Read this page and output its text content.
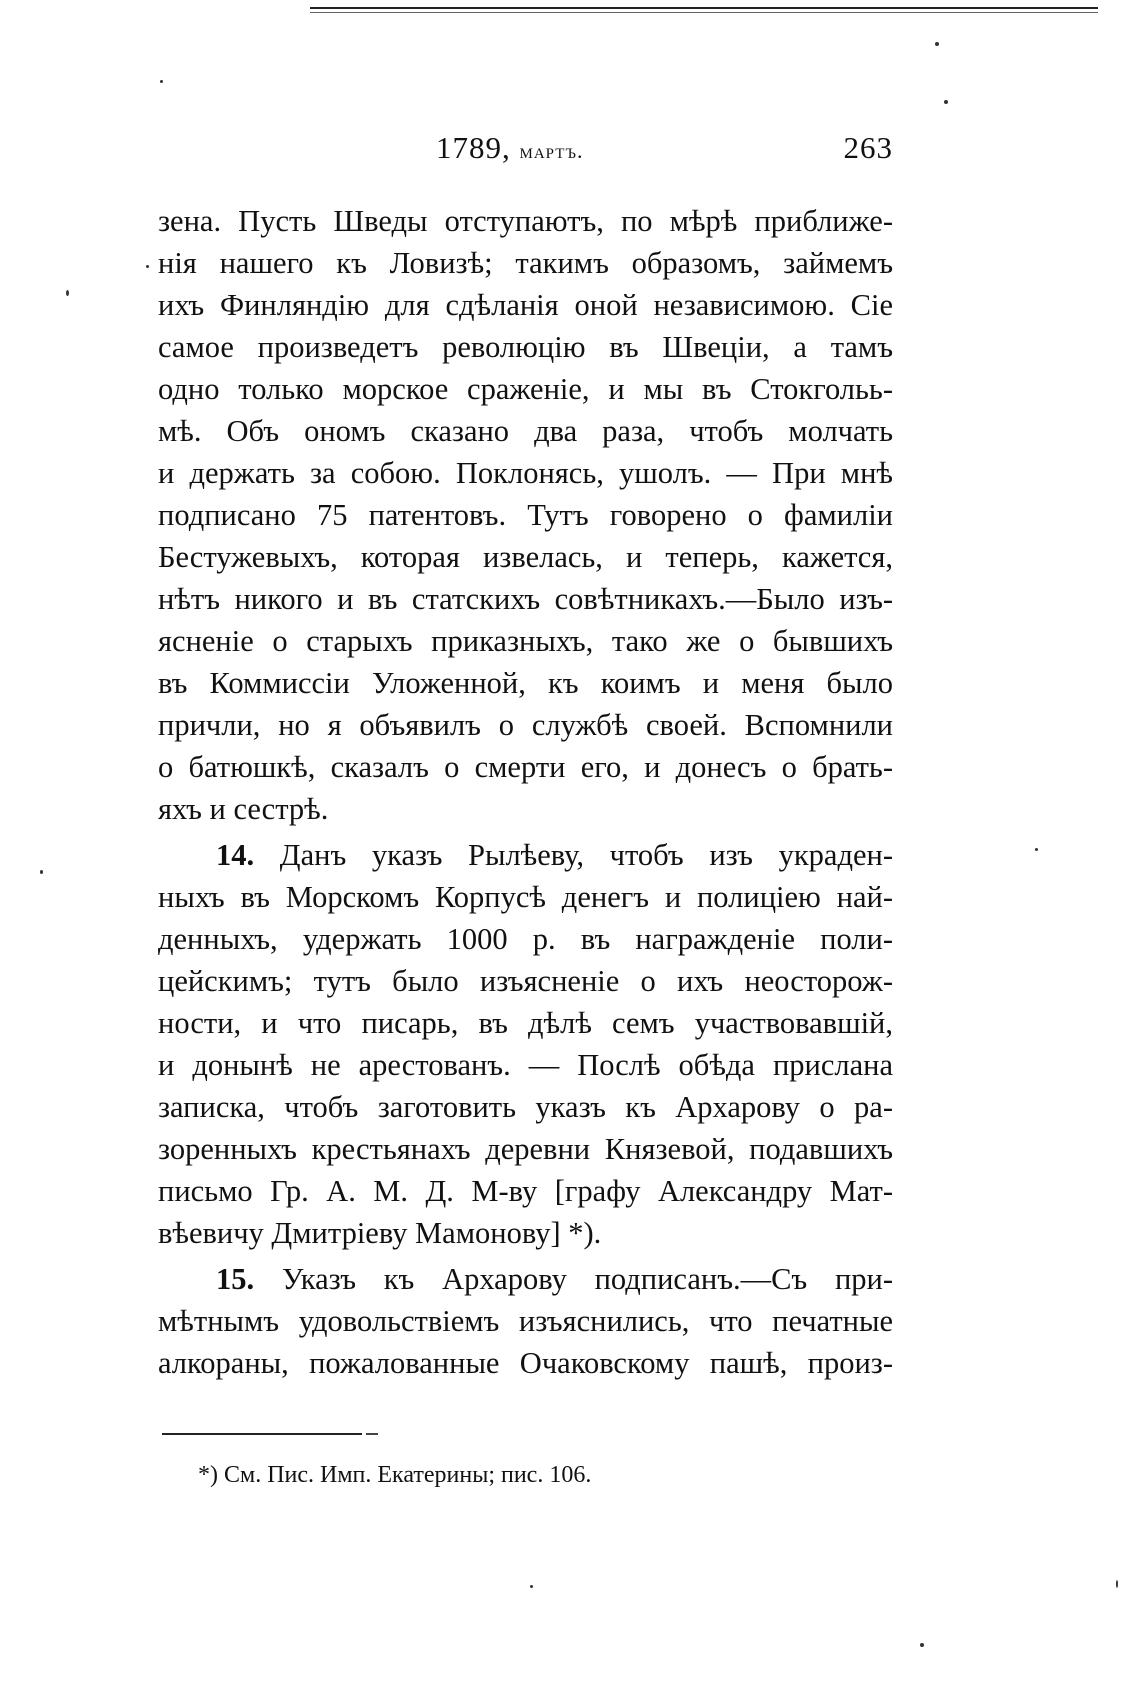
1789, мартъ.	263
зена. Пусть Шведы отступаютъ, по мѣрѣ приближе-
нія нашего къ Ловизѣ; такимъ образомъ, займемъ
ихъ Финляндію для сдѣланія оной независимою. Сіе
самое произведетъ революцію въ Швеціи, а тамъ
одно только морское сраженіе, и мы въ Стокгольь-
мѣ. Объ ономъ сказано два раза, чтобъ молчать
и держать за собою. Поклонясь, ушолъ. — При мнѣ
подписано 75 патентовъ. Тутъ говорено о фамиліи
Бестужевыхъ, которая извелась, и теперь, кажется,
нѣтъ никого и въ статскихъ совѣтникахъ.—Было изъ-
ясненіе о старыхъ приказныхъ, тако же о бывшихъ
въ Коммиссіи Уложенной, къ коимъ и меня было
причли, но я объявилъ о службѣ своей. Вспомнили
о батюшкѣ, сказалъ о смерти его, и донесъ о брать-
яхъ и сестрѣ.
14. Данъ указъ Рылѣеву, чтобъ изъ украден-
ныхъ въ Морскомъ Корпусѣ денегъ и полиціею най-
денныхъ, удержать 1000 р. въ награжденіе поли-
цейскимъ; тутъ было изъясненіе о ихъ неосторож-
ности, и что писарь, въ дѣлѣ семъ участвовавшій,
и донынѣ не арестованъ. — Послѣ обѣда прислана
записка, чтобъ заготовить указъ къ Архарову о ра-
зоренныхъ крестьянахъ деревни Князевой, подавшихъ
письмо Гр. А. М. Д. М-ву [графу Александру Мат-
вѣевичу Дмитріеву Мамонову] *).
15. Указъ къ Архарову подписанъ.—Съ при-
мѣтнымъ удовольствіемъ изъяснились, что печатные
алкораны, пожалованные Очаковскому пашѣ, произ-
*) См. Пис. Имп. Екатерины; пис. 106.
